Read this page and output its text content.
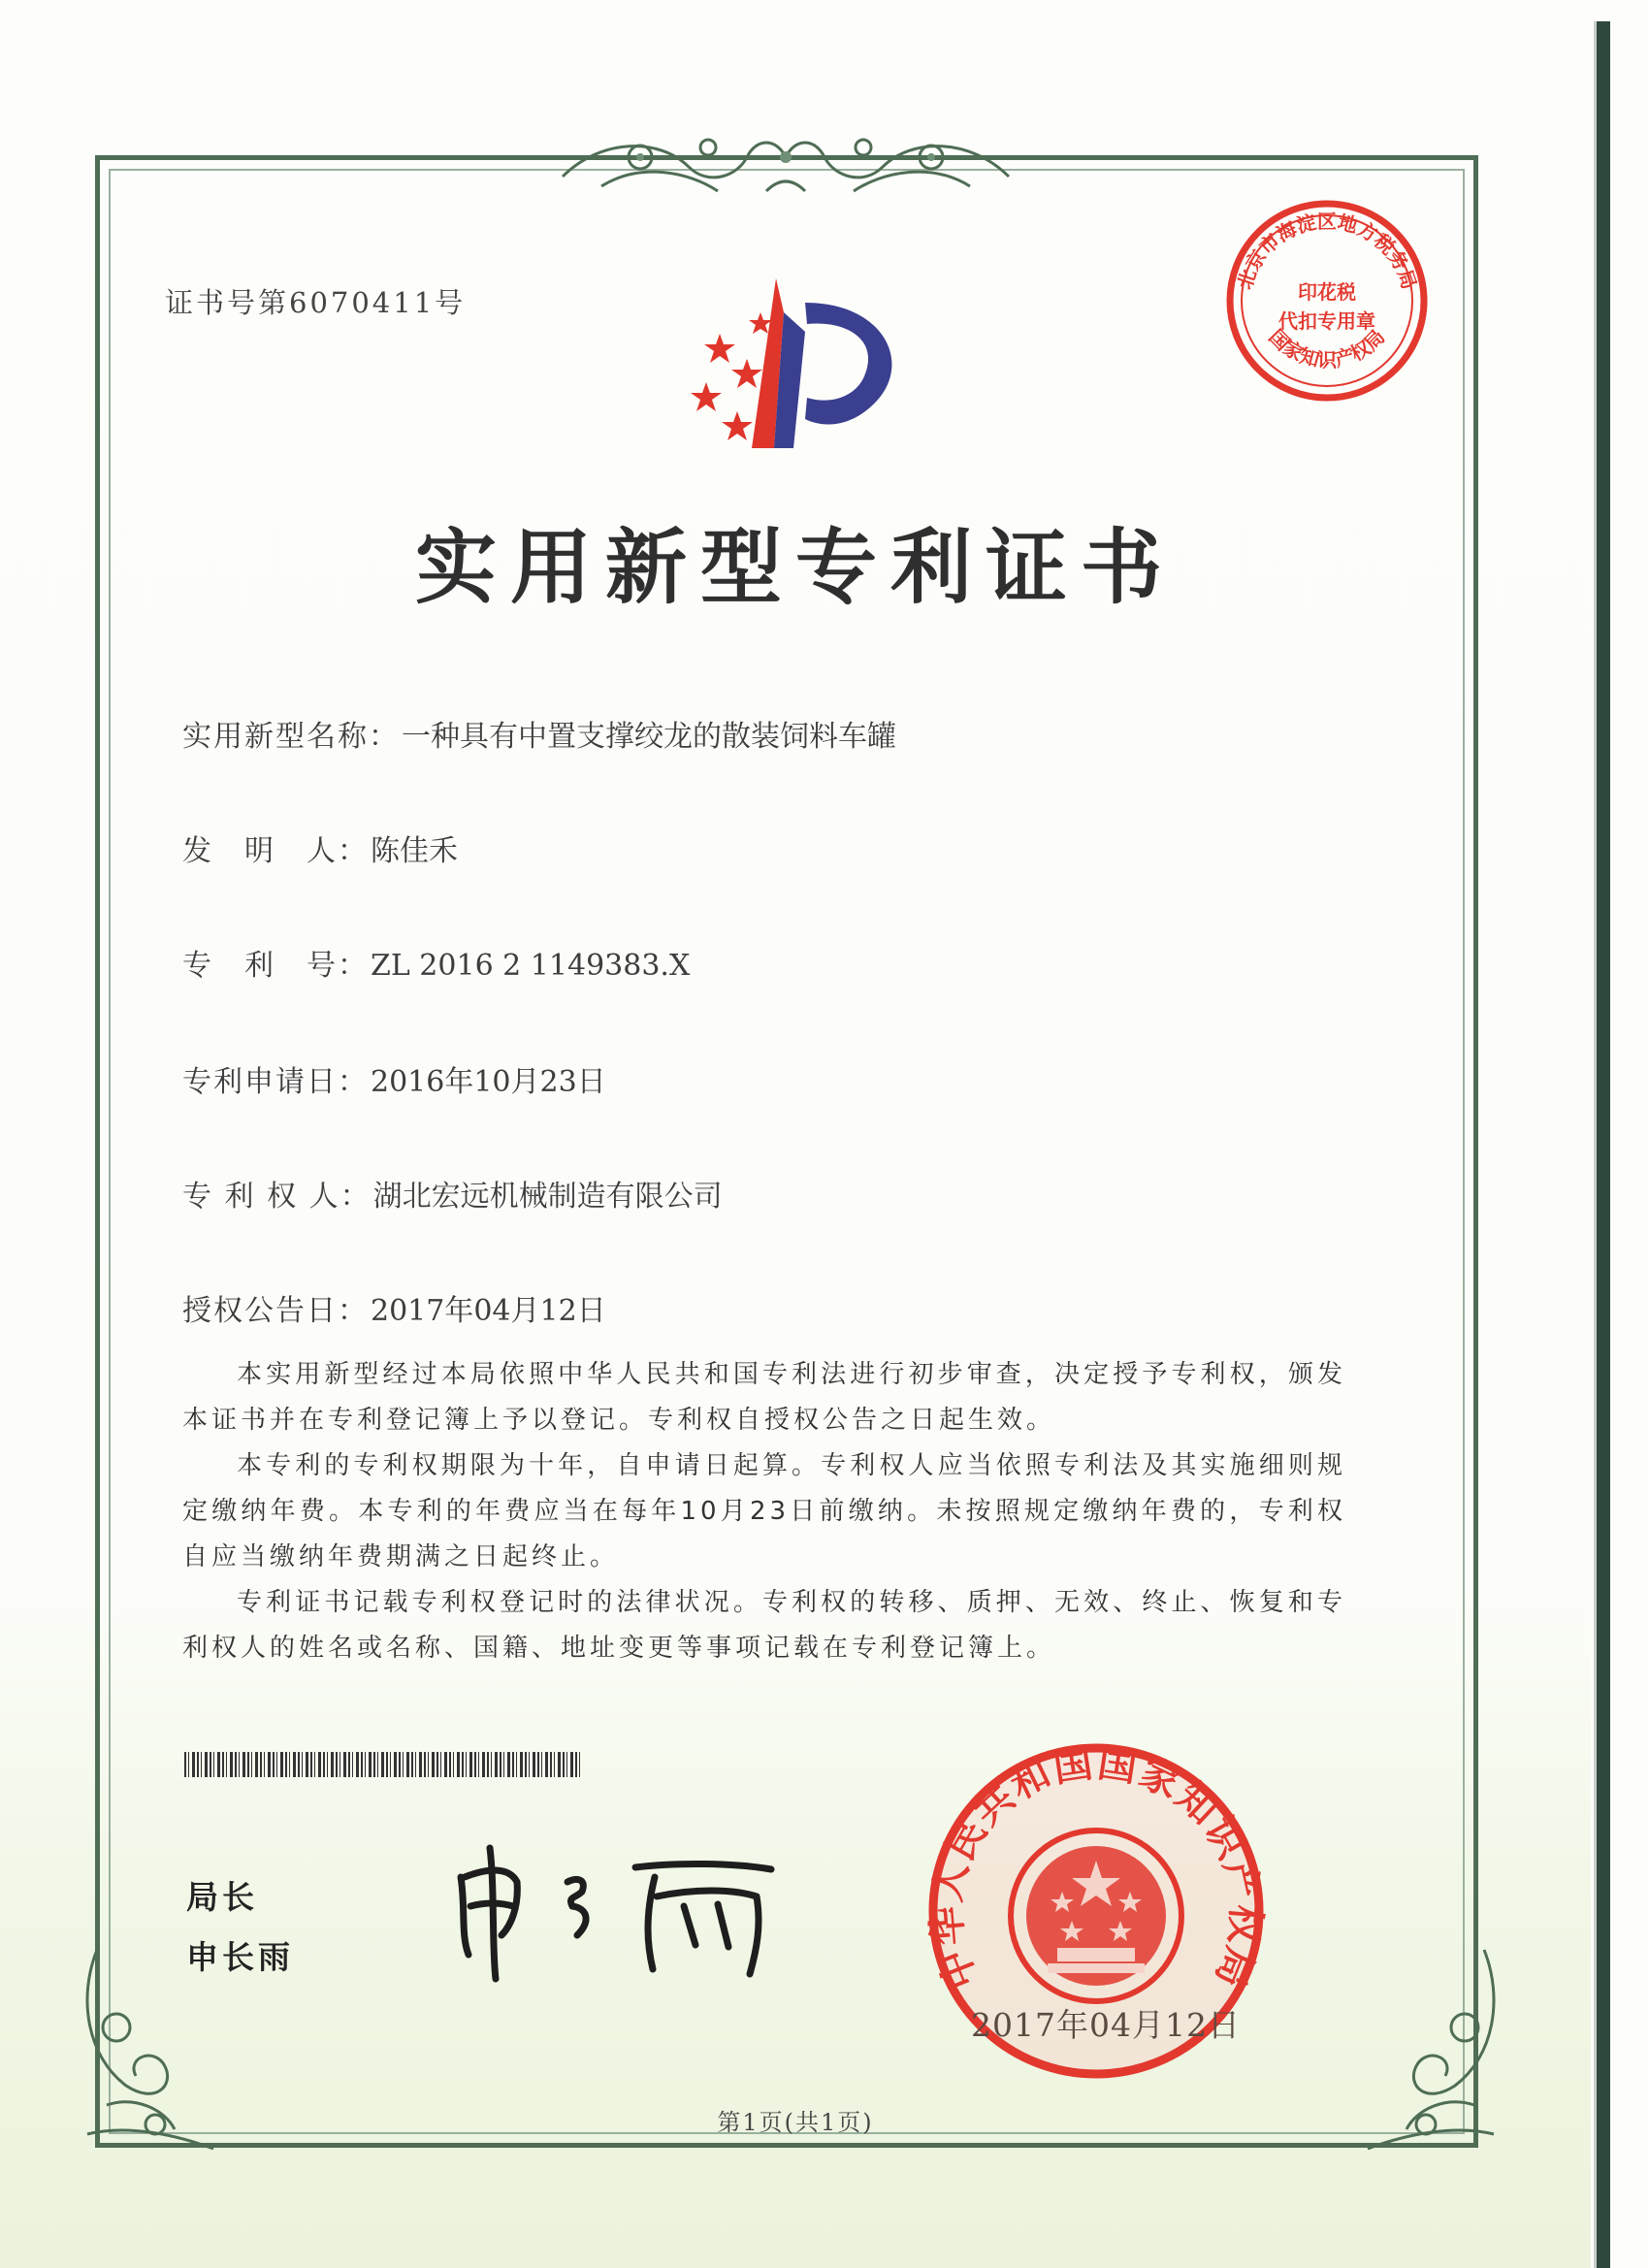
证书号第6070411号
实用新型专利证书
实用新型名称： 一种具有中置支撑绞龙的散装饲料车罐
发　明　人： 陈佳禾
专　利　号： ZL 2016 2 1149383.X
专利申请日： 2016年10月23日
专 利 权 人： 湖北宏远机械制造有限公司
授权公告日： 2017年04月12日

本实用新型经过本局依照中华人民共和国专利法进行初步审查，决定授予专利权，颁发本证书并在专利登记簿上予以登记。专利权自授权公告之日起生效。

本专利的专利权期限为十年，自申请日起算。专利权人应当依照专利法及其实施细则规定缴纳年费。本专利的年费应当在每年10月23日前缴纳。未按照规定缴纳年费的，专利权自应当缴纳年费期满之日起终止。

专利证书记载专利权登记时的法律状况。专利权的转移、质押、无效、终止、恢复和专利权人的姓名或名称、国籍、地址变更等事项记载在专利登记簿上。

局长
申长雨
北京市海淀区地方税务局
国家知识产权局
印花税
代扣专用章
中华人民共和国国家知识产权局
2017年04月12日
第1页(共1页)
